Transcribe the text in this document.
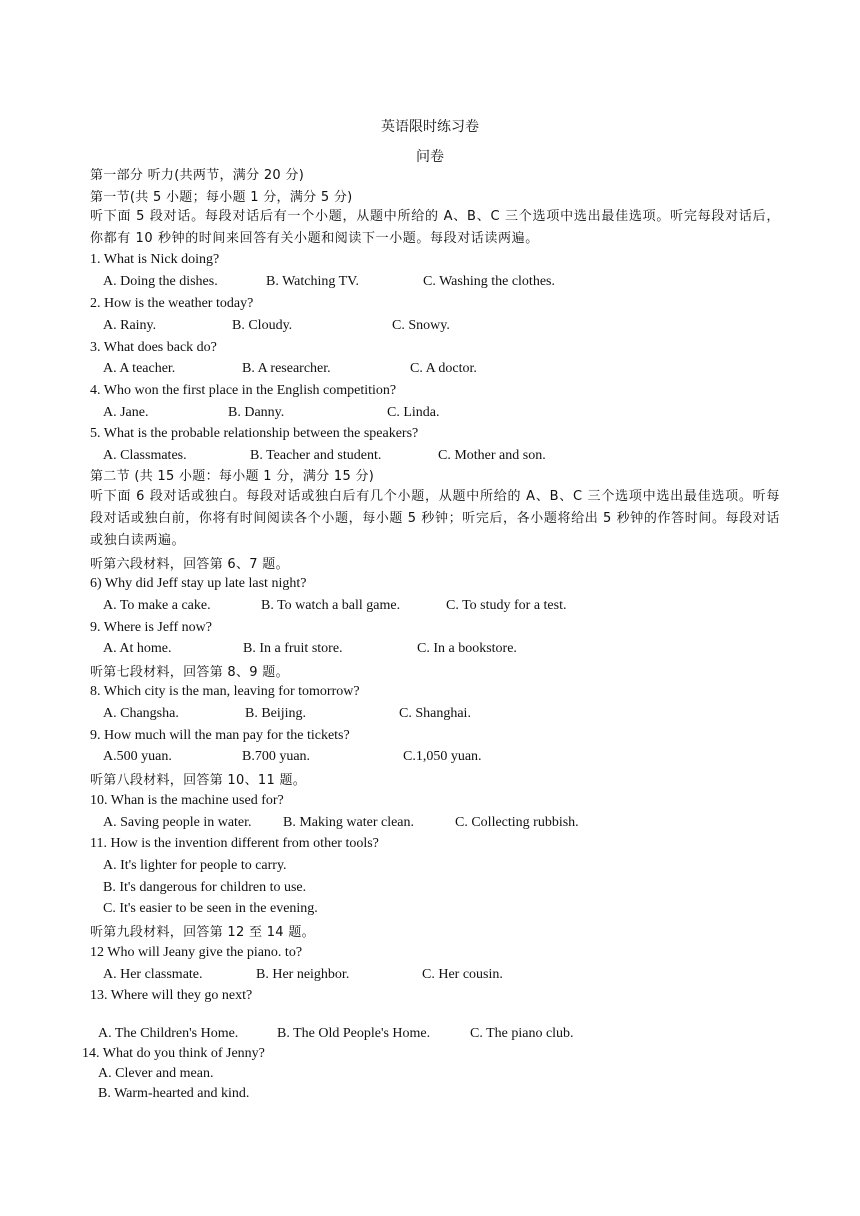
英语限时练习卷
问卷
第一部分 听力(共两节，满分 20 分)
第一节(共 5 小题；每小题 1 分，满分 5 分)
听下面 5 段对话。每段对话后有一个小题，从题中所给的 A、B、C 三个选项中选出最佳选项。听完每段对话后，你都有 10 秒钟的时间来回答有关小题和阅读下一小题。每段对话读两遍。
1. What is Nick doing?
A. Doing the dishes.	B. Watching TV.	C. Washing the clothes.
2. How is the weather today?
A. Rainy.	B. Cloudy.	C. Snowy.
3. What does back do?
A. A teacher.	B. A researcher.	C. A doctor.
4. Who won the first place in the English competition?
A. Jane.	B. Danny.	C. Linda.
5. What is the probable relationship between the speakers?
A. Classmates.	B. Teacher and student.	C. Mother and son.
第二节 (共 15 小题：每小题 1 分，满分 15 分)
听下面 6 段对话或独白。每段对话或独白后有几个小题，从题中所给的 A、B、C 三个选项中选出最佳选项。听每段对话或独白前，你将有时间阅读各个小题，每小题 5 秒钟；听完后，各小题将给出 5 秒钟的作答时间。每段对话或独白读两遍。
听第六段材料，回答第 6、7 题。
6) Why did Jeff stay up late last night?
A. To make a cake.	B. To watch a ball game.	C. To study for a test.
9. Where is Jeff now?
A. At home.	B. In a fruit store.	C. In a bookstore.
听第七段材料，回答第 8、9 题。
8. Which city is the man, leaving for tomorrow?
A. Changsha.	B. Beijing.	C. Shanghai.
9. How much will the man pay for the tickets?
A.500 yuan.	B.700 yuan.	C.1,050 yuan.
听第八段材料，回答第 10、11 题。
10. Whan is the machine used for?
A. Saving people in water. B. Making water clean.	C. Collecting rubbish.
11. How is the invention different from other tools?
A. It's lighter for people to carry.
B. It's dangerous for children to use.
C. It's easier to be seen in the evening.
听第九段材料，回答第 12 至 14 题。
12 Who will Jeany give the piano. to?
A. Her classmate.	B. Her neighbor.	C. Her cousin.
13. Where will they go next?
A. The Children's Home.	B. The Old People's Home.	C. The piano club.
14. What do you think of Jenny?
A. Clever and mean.
B. Warm-hearted and kind.
